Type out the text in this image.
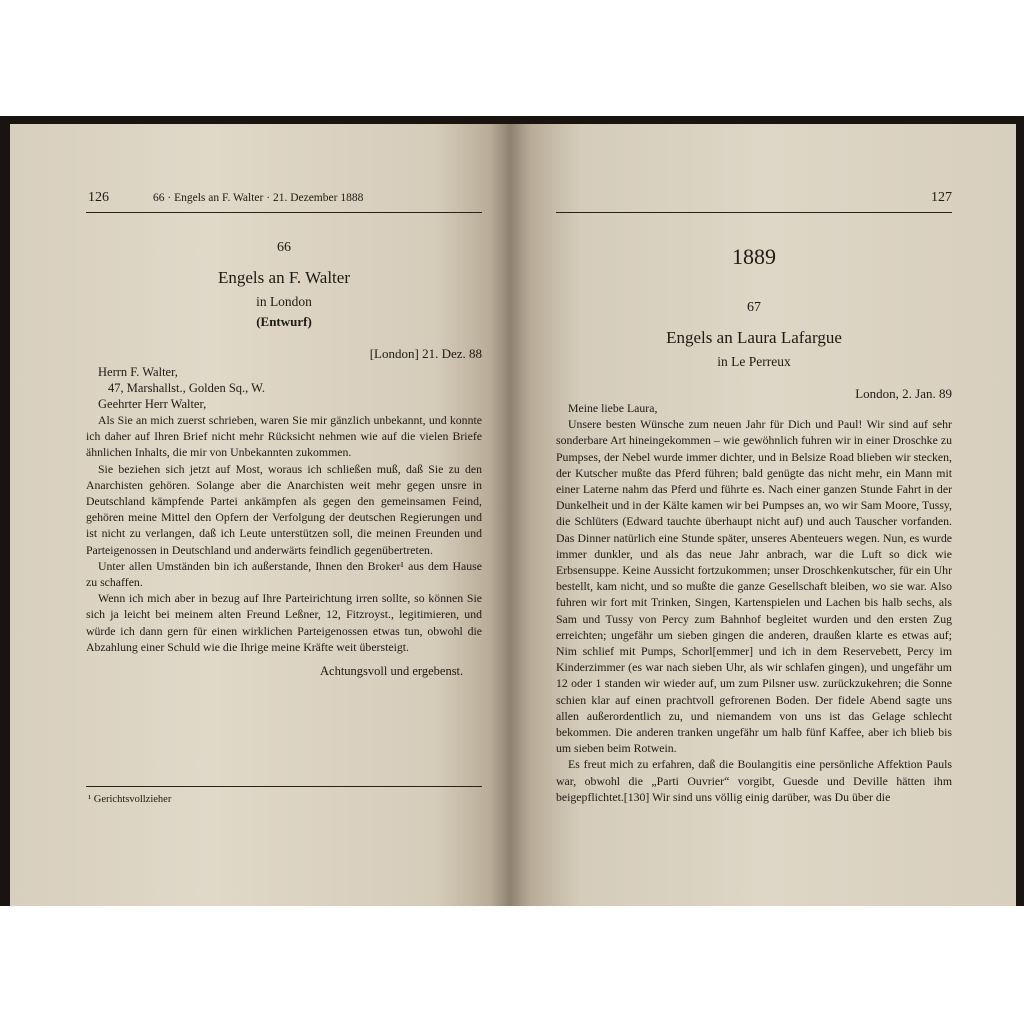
126	66 · Engels an F. Walter · 21. Dezember 1888
66
Engels an F. Walter
in London
(Entwurf)
[London] 21. Dez. 88
Herrn F. Walter,
47, Marshallst., Golden Sq., W.
Geehrter Herr Walter,

Als Sie an mich zuerst schrieben, waren Sie mir gänzlich unbekannt, und konnte ich daher auf Ihren Brief nicht mehr Rücksicht nehmen wie auf die vielen Briefe ähnlichen Inhalts, die mir von Unbekannten zukommen.

Sie beziehen sich jetzt auf Most, woraus ich schließen muß, daß Sie zu den Anarchisten gehören. Solange aber die Anarchisten weit mehr gegen unsre in Deutschland kämpfende Partei ankämpfen als gegen den gemeinsamen Feind, gehören meine Mittel den Opfern der Verfolgung der deutschen Regierungen und ist nicht zu verlangen, daß ich Leute unterstützen soll, die meinen Freunden und Parteigenossen in Deutschland und anderwärts feindlich gegenübertreten.

Unter allen Umständen bin ich außerstande, Ihnen den Broker¹ aus dem Hause zu schaffen.

Wenn ich mich aber in bezug auf Ihre Parteirichtung irren sollte, so können Sie sich ja leicht bei meinem alten Freund Leßner, 12, Fitzroyst., legitimieren, und würde ich dann gern für einen wirklichen Parteigenossen etwas tun, obwohl die Abzahlung einer Schuld wie die Ihrige meine Kräfte weit übersteigt.

Achtungsvoll und ergebenst.
¹ Gerichtsvollzieher
127
1889
67
Engels an Laura Lafargue
in Le Perreux
London, 2. Jan. 89
Meine liebe Laura,

Unsere besten Wünsche zum neuen Jahr für Dich und Paul! Wir sind auf sehr sonderbare Art hineingekommen – wie gewöhnlich fuhren wir in einer Droschke zu Pumpses, der Nebel wurde immer dichter, und in Belsize Road blieben wir stecken, der Kutscher mußte das Pferd führen; bald genügte das nicht mehr, ein Mann mit einer Laterne nahm das Pferd und führte es. Nach einer ganzen Stunde Fahrt in der Dunkelheit und in der Kälte kamen wir bei Pumpses an, wo wir Sam Moore, Tussy, die Schlüters (Edward tauchte überhaupt nicht auf) und auch Tauscher vorfanden. Das Dinner natürlich eine Stunde später, unseres Abenteuers wegen. Nun, es wurde immer dunkler, und als das neue Jahr anbrach, war die Luft so dick wie Erbsensuppe. Keine Aussicht fortzukommen; unser Droschkenkutscher, für ein Uhr bestellt, kam nicht, und so mußte die ganze Gesellschaft bleiben, wo sie war. Also fuhren wir fort mit Trinken, Singen, Kartenspielen und Lachen bis halb sechs, als Sam und Tussy von Percy zum Bahnhof begleitet wurden und den ersten Zug erreichten; ungefähr um sieben gingen die anderen, draußen klarte es etwas auf; Nim schlief mit Pumps, Schorl[emmer] und ich in dem Reservebett, Percy im Kinderzimmer (es war nach sieben Uhr, als wir schlafen gingen), und ungefähr um 12 oder 1 standen wir wieder auf, um zum Pilsner usw. zurückzukehren; die Sonne schien klar auf einen prachtvoll gefrorenen Boden. Der fidele Abend sagte uns allen außerordentlich zu, und niemandem von uns ist das Gelage schlecht bekommen. Die anderen tranken ungefähr um halb fünf Kaffee, aber ich blieb bis um sieben beim Rotwein.

Es freut mich zu erfahren, daß die Boulangitis eine persönliche Affektion Pauls war, obwohl die „Parti Ouvrier“ vorgibt, Guesde und Deville hätten ihm beigepflichtet.[130] Wir sind uns völlig einig darüber, was Du über die
